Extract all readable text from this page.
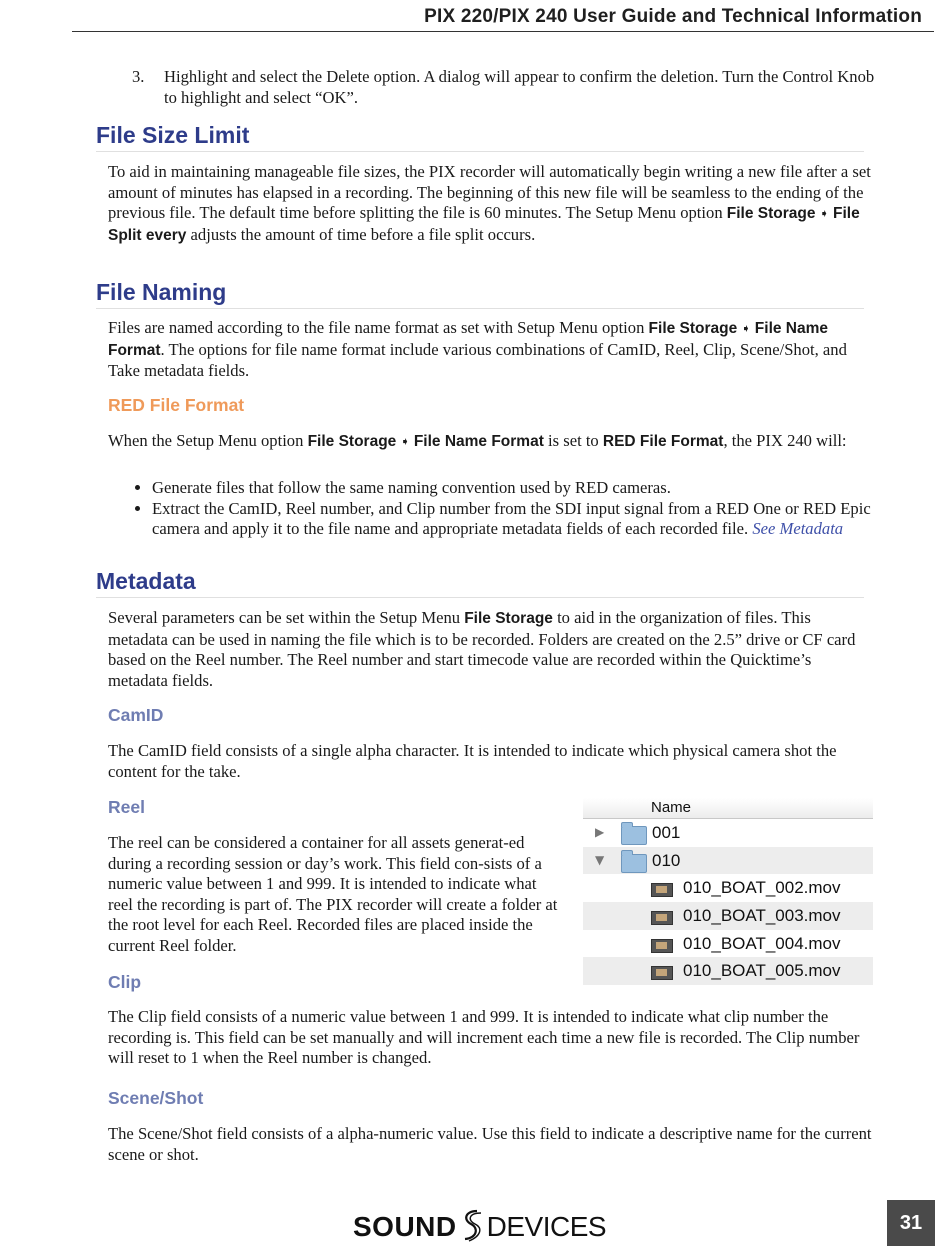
PIX 220/PIX 240 User Guide and Technical Information
3. Highlight and select the Delete option. A dialog will appear to confirm the deletion. Turn the Control Knob to highlight and select “OK”.
File Size Limit
To aid in maintaining manageable file sizes, the PIX recorder will automatically begin writing a new file after a set amount of minutes has elapsed in a recording. The beginning of this new file will be seamless to the ending of the previous file. The default time before splitting the file is 60 minutes. The Setup Menu option File Storage ➧ File Split every adjusts the amount of time before a file split occurs.
File Naming
Files are named according to the file name format as set with Setup Menu option File Storage ➧ File Name Format. The options for file name format include various combinations of CamID, Reel, Clip, Scene/Shot, and Take metadata fields.
RED File Format
When the Setup Menu option File Storage ➧ File Name Format is set to RED File Format, the PIX 240 will:
• Generate files that follow the same naming convention used by RED cameras.
• Extract the CamID, Reel number, and Clip number from the SDI input signal from a RED One or RED Epic camera and apply it to the file name and appropriate metadata fields of each recorded file. See Metadata
Metadata
Several parameters can be set within the Setup Menu File Storage to aid in the organization of files. This metadata can be used in naming the file which is to be recorded. Folders are created on the 2.5” drive or CF card based on the Reel number. The Reel number and start timecode value are recorded within the Quicktime’s metadata fields.
CamID
The CamID field consists of a single alpha character. It is intended to indicate which physical camera shot the content for the take.
Reel
The reel can be considered a container for all assets generat-ed during a recording session or day’s work. This field con-sists of a numeric value between 1 and 999. It is intended to indicate what reel the recording is part of. The PIX recorder will create a folder at the root level for each Reel. Recorded files are placed inside the current Reel folder.
Name
▶	001
▼	010
010_BOAT_002.mov
010_BOAT_003.mov
010_BOAT_004.mov
010_BOAT_005.mov
Clip
The Clip field consists of a numeric value between 1 and 999. It is intended to indicate what clip number the recording is. This field can be set manually and will increment each time a new file is recorded. The Clip number will reset to 1 when the Reel number is changed.
Scene/Shot
The Scene/Shot field consists of a alpha-numeric value. Use this field to indicate a descriptive name for the current scene or shot.
SOUND DEVICES	31
